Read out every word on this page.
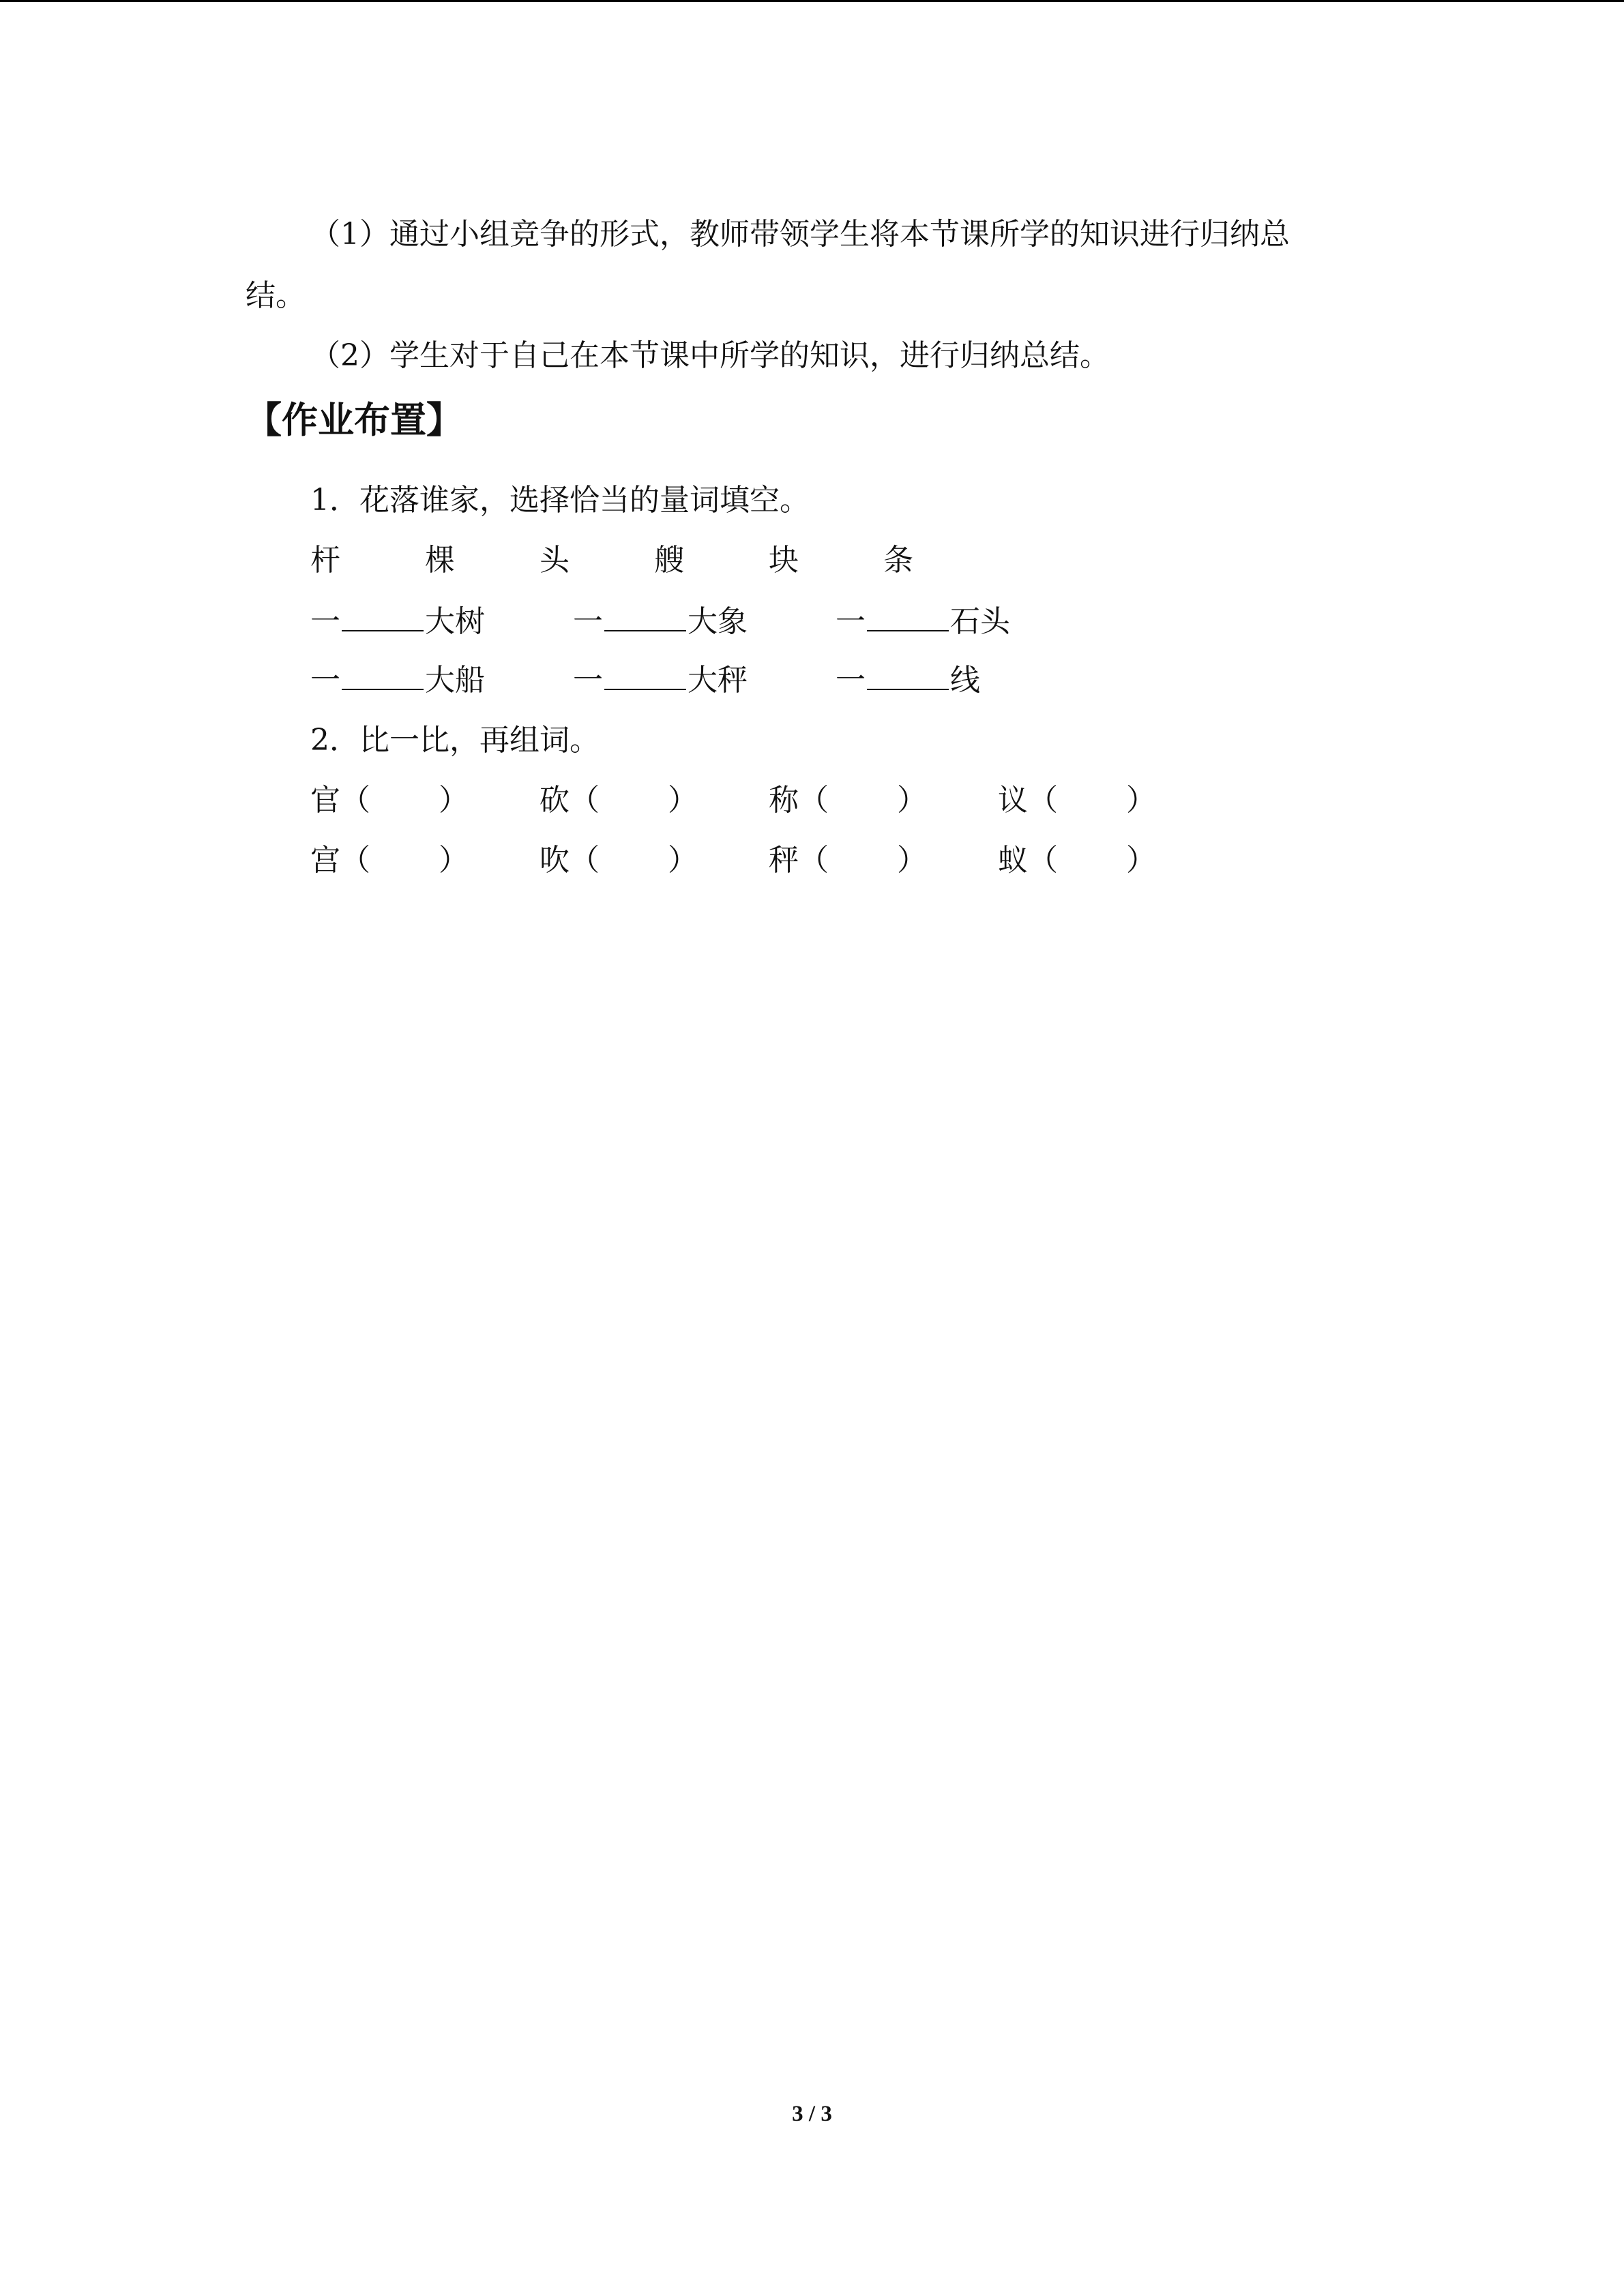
（1）通过小组竞争的形式，教师带领学生将本节课所学的知识进行归纳总
结。
（2）学生对于自己在本节课中所学的知识，进行归纳总结。
【作业布置】
1．花落谁家，选择恰当的量词填空。
杆	棵	头	艘	块	条
一	大树	一	大象	一	石头
一	大船	一	大秤	一	线
2．比一比，再组词。
官（ ） 砍（ ） 称（ ） 议（ ）
宫（ ） 吹（ ） 秤（ ） 蚁（ ）
3 / 3
